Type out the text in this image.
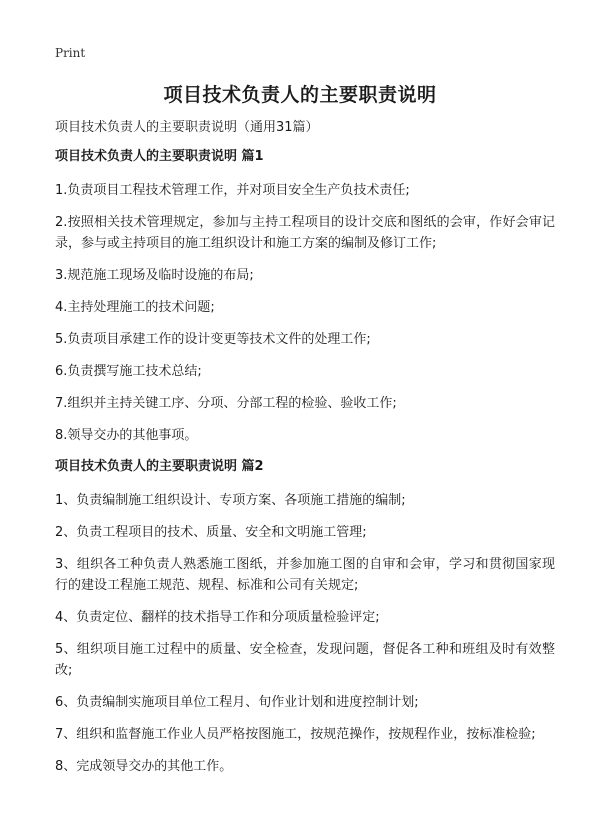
Print
项目技术负责人的主要职责说明

项目技术负责人的主要职责说明（通用31篇）

项目技术负责人的主要职责说明 篇1

1.负责项目工程技术管理工作，并对项目安全生产负技术责任;

2.按照相关技术管理规定，参加与主持工程项目的设计交底和图纸的会审，作好会审记录，参与或主持项目的施工组织设计和施工方案的编制及修订工作;

3.规范施工现场及临时设施的布局;

4.主持处理施工的技术问题;

5.负责项目承建工作的设计变更等技术文件的处理工作;

6.负责撰写施工技术总结;

7.组织并主持关键工序、分项、分部工程的检验、验收工作;

8.领导交办的其他事项。

项目技术负责人的主要职责说明 篇2

1、负责编制施工组织设计、专项方案、各项施工措施的编制;

2、负责工程项目的技术、质量、安全和文明施工管理;

3、组织各工种负责人熟悉施工图纸，并参加施工图的自审和会审，学习和贯彻国家现行的建设工程施工规范、规程、标准和公司有关规定;

4、负责定位、翻样的技术指导工作和分项质量检验评定;

5、组织项目施工过程中的质量、安全检查，发现问题，督促各工种和班组及时有效整改;

6、负责编制实施项目单位工程月、旬作业计划和进度控制计划;

7、组织和监督施工作业人员严格按图施工，按规范操作，按规程作业，按标准检验;

8、完成领导交办的其他工作。
